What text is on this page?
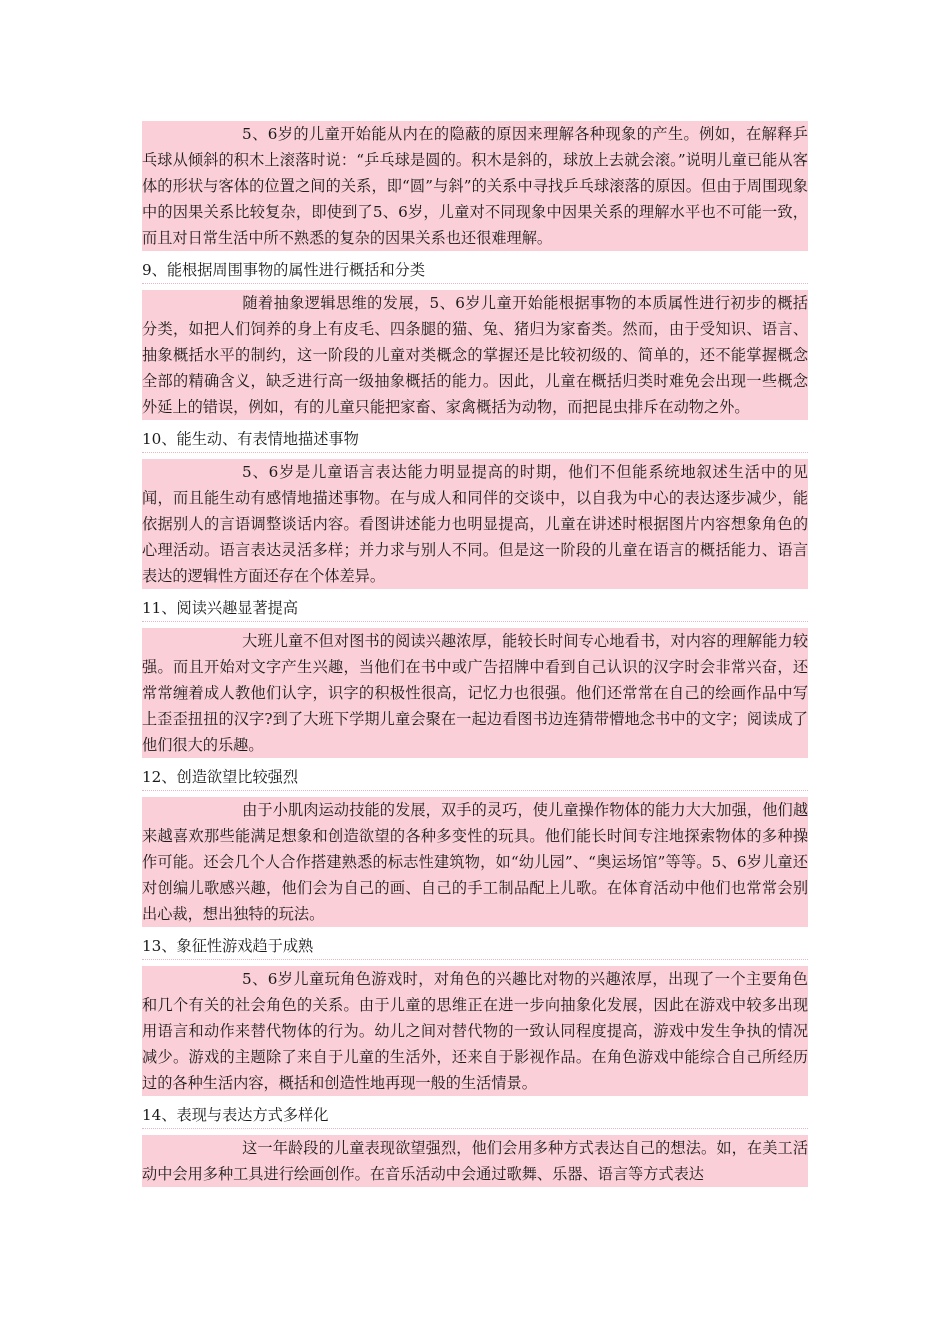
5、6岁的儿童开始能从内在的隐蔽的原因来理解各种现象的产生。例如，在解释乒乓球从倾斜的积木上滚落时说：“乒乓球是圆的。积木是斜的，球放上去就会滚。”说明儿童已能从客体的形状与客体的位置之间的关系，即“圆”与斜”的关系中寻找乒乓球滚落的原因。但由于周围现象中的因果关系比较复杂，即使到了5、6岁，儿童对不同现象中因果关系的理解水平也不可能一致，而且对日常生活中所不熟悉的复杂的因果关系也还很难理解。

9、能根据周围事物的属性进行概括和分类

随着抽象逻辑思维的发展，5、6岁儿童开始能根据事物的本质属性进行初步的概括分类，如把人们饲养的身上有皮毛、四条腿的猫、兔、猪归为家畜类。然而，由于受知识、语言、抽象概括水平的制约，这一阶段的儿童对类概念的掌握还是比较初级的、简单的，还不能掌握概念全部的精确含义，缺乏进行高一级抽象概括的能力。因此，儿童在概括归类时难免会出现一些概念外延上的错误，例如，有的儿童只能把家畜、家禽概括为动物，而把昆虫排斥在动物之外。

10、能生动、有表情地描述事物

5、6岁是儿童语言表达能力明显提高的时期，他们不但能系统地叙述生活中的见闻，而且能生动有感情地描述事物。在与成人和同伴的交谈中，以自我为中心的表达逐步减少，能依据别人的言语调整谈话内容。看图讲述能力也明显提高，儿童在讲述时根据图片内容想象角色的心理活动。语言表达灵活多样；并力求与别人不同。但是这一阶段的儿童在语言的概括能力、语言表达的逻辑性方面还存在个体差异。

11、阅读兴趣显著提高

大班儿童不但对图书的阅读兴趣浓厚，能较长时间专心地看书，对内容的理解能力较强。而且开始对文字产生兴趣，当他们在书中或广告招牌中看到自己认识的汉字时会非常兴奋，还常常缠着成人教他们认字，识字的积极性很高，记忆力也很强。他们还常常在自己的绘画作品中写上歪歪扭扭的汉字?到了大班下学期儿童会聚在一起边看图书边连猜带懵地念书中的文字；阅读成了他们很大的乐趣。

12、创造欲望比较强烈

由于小肌肉运动技能的发展，双手的灵巧，使儿童操作物体的能力大大加强，他们越来越喜欢那些能满足想象和创造欲望的各种多变性的玩具。他们能长时间专注地探索物体的多种操作可能。还会几个人合作搭建熟悉的标志性建筑物，如“幼儿园”、“奥运场馆”等等。5、6岁儿童还对创编儿歌感兴趣，他们会为自己的画、自己的手工制品配上儿歌。在体育活动中他们也常常会别出心裁，想出独特的玩法。

13、象征性游戏趋于成熟

5、6岁儿童玩角色游戏时，对角色的兴趣比对物的兴趣浓厚，出现了一个主要角色和几个有关的社会角色的关系。由于儿童的思维正在进一步向抽象化发展，因此在游戏中较多出现用语言和动作来替代物体的行为。幼儿之间对替代物的一致认同程度提高，游戏中发生争执的情况减少。游戏的主题除了来自于儿童的生活外，还来自于影视作品。在角色游戏中能综合自己所经历过的各种生活内容，概括和创造性地再现一般的生活情景。

14、表现与表达方式多样化

这一年龄段的儿童表现欲望强烈，他们会用多种方式表达自己的想法。如，在美工活动中会用多种工具进行绘画创作。在音乐活动中会通过歌舞、乐器、语言等方式表达
